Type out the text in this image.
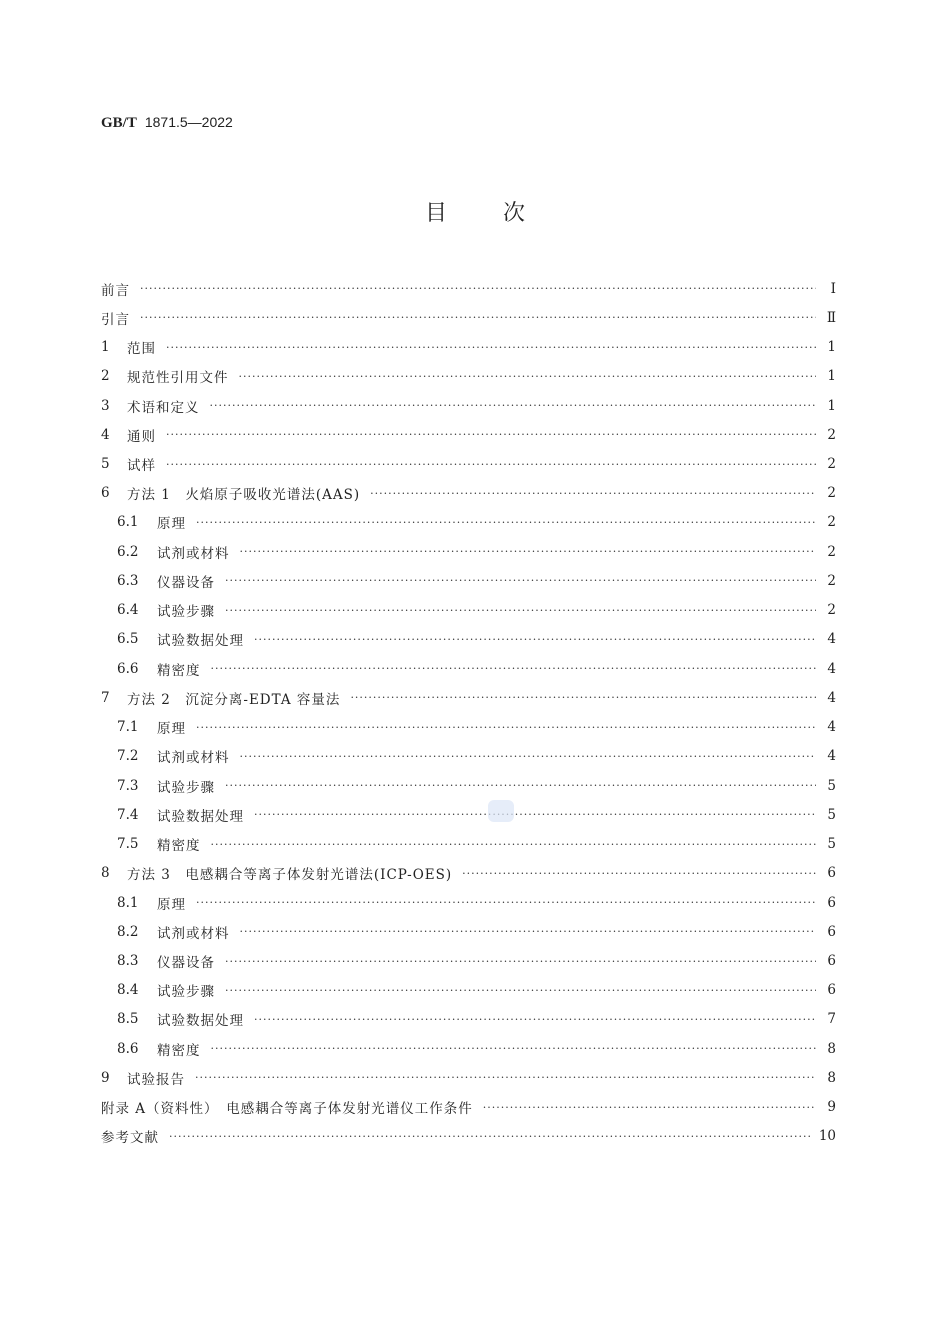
GB/T 1871.5—2022
目	次
前言 ·····	Ⅰ
引言 ·····	Ⅱ
1	范围 ·····	1
2	规范性引用文件 ·····	1
3	术语和定义 ·····	1
4	通则 ·····	2
5	试样 ·····	2
6	方法 1　火焰原子吸收光谱法(AAS) ·····	2
6.1	原理 ·····	2
6.2	试剂或材料 ·····	2
6.3	仪器设备 ·····	2
6.4	试验步骤 ·····	2
6.5	试验数据处理 ·····	4
6.6	精密度 ·····	4
7	方法 2　沉淀分离-EDTA 容量法 ·····	4
7.1	原理 ·····	4
7.2	试剂或材料 ·····	4
7.3	试验步骤 ·····	5
7.4	试验数据处理 ·····	5
7.5	精密度 ·····	5
8	方法 3　电感耦合等离子体发射光谱法(ICP-OES) ·····	6
8.1	原理 ·····	6
8.2	试剂或材料 ·····	6
8.3	仪器设备 ·····	6
8.4	试验步骤 ·····	6
8.5	试验数据处理 ·····	7
8.6	精密度 ·····	8
9	试验报告 ·····	8
附录 A（资料性）　电感耦合等离子体发射光谱仪工作条件 ·····	9
参考文献 ·····	10
